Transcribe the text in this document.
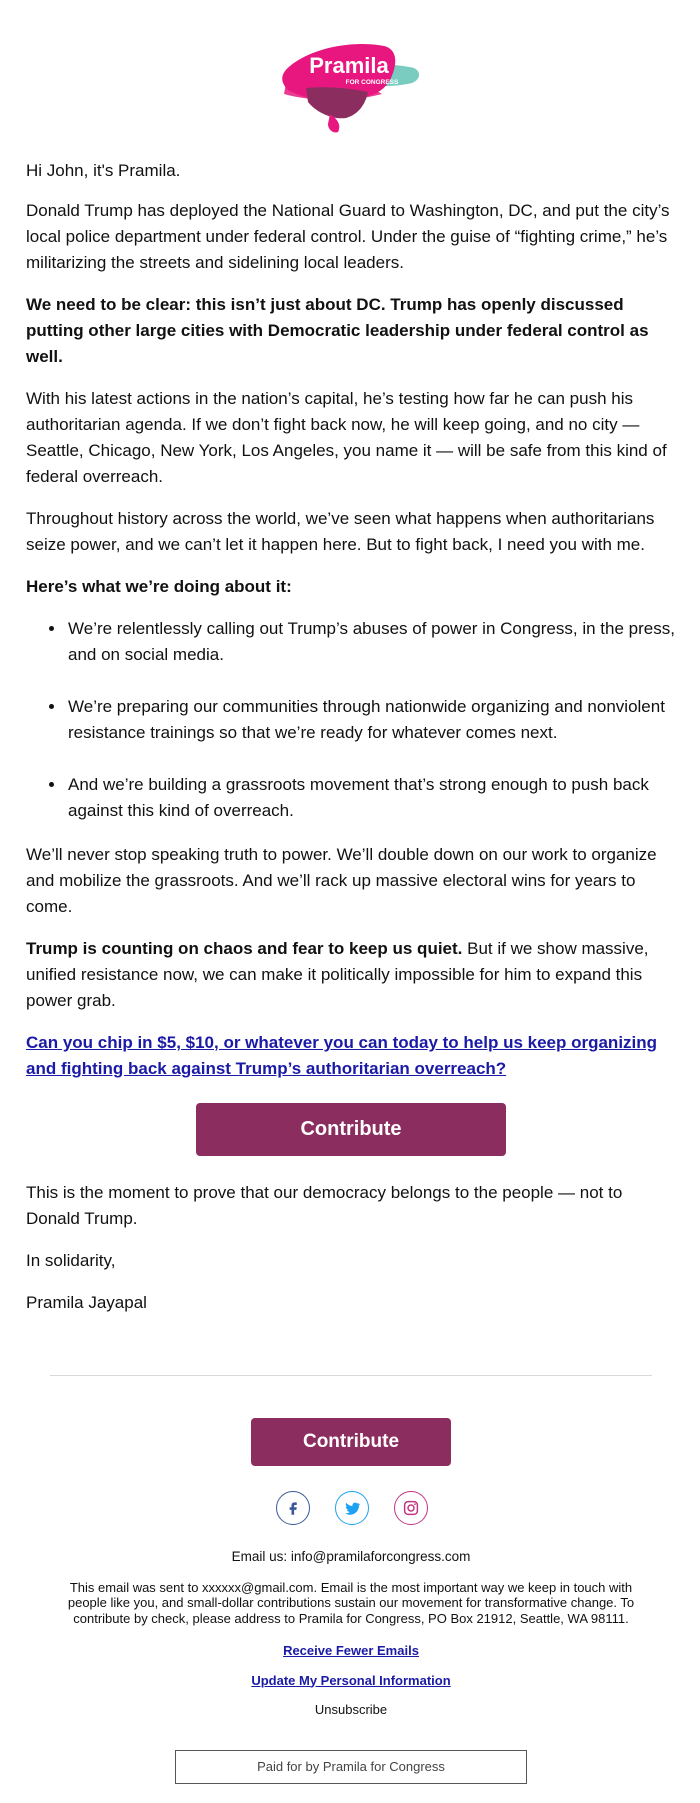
Pramila
FOR CONGRESS

Hi John, it's Pramila.

Donald Trump has deployed the National Guard to Washington, DC, and put the city’s local police department under federal control. Under the guise of “fighting crime,” he’s militarizing the streets and sidelining local leaders.

We need to be clear: this isn’t just about DC. Trump has openly discussed putting other large cities with Democratic leadership under federal control as well.

With his latest actions in the nation’s capital, he’s testing how far he can push his authoritarian agenda. If we don’t fight back now, he will keep going, and no city — Seattle, Chicago, New York, Los Angeles, you name it — will be safe from this kind of federal overreach.

Throughout history across the world, we’ve seen what happens when authoritarians seize power, and we can’t let it happen here. But to fight back, I need you with me.

Here’s what we’re doing about it:

• We’re relentlessly calling out Trump’s abuses of power in Congress, in the press, and on social media.
• We’re preparing our communities through nationwide organizing and nonviolent resistance trainings so that we’re ready for whatever comes next.
• And we’re building a grassroots movement that’s strong enough to push back against this kind of overreach.

We’ll never stop speaking truth to power. We’ll double down on our work to organize and mobilize the grassroots. And we’ll rack up massive electoral wins for years to come.

Trump is counting on chaos and fear to keep us quiet. But if we show massive, unified resistance now, we can make it politically impossible for him to expand this power grab.

Can you chip in $5, $10, or whatever you can today to help us keep organizing and fighting back against Trump’s authoritarian overreach?

Contribute

This is the moment to prove that our democracy belongs to the people — not to Donald Trump.

In solidarity,

Pramila Jayapal

Contribute

Email us: info@pramilaforcongress.com

This email was sent to xxxxxx@gmail.com. Email is the most important way we keep in touch with people like you, and small-dollar contributions sustain our movement for transformative change. To contribute by check, please address to Pramila for Congress, PO Box 21912, Seattle, WA 98111.

Receive Fewer Emails

Update My Personal Information

Unsubscribe

Paid for by Pramila for Congress
